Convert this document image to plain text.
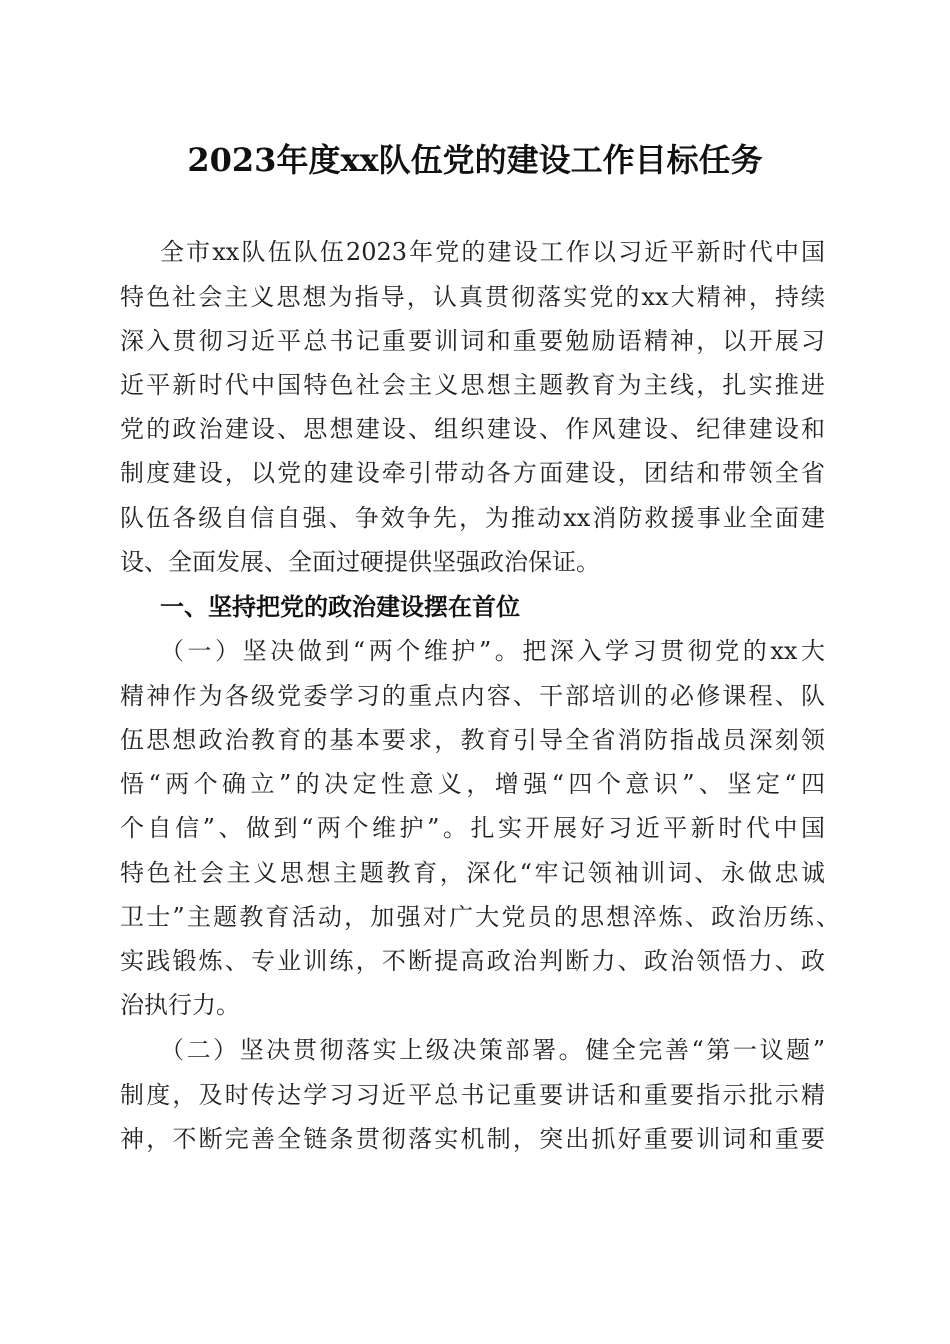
2023年度xx队伍党的建设工作目标任务
全市xx队伍队伍2023年党的建设工作以习近平新时代中国
特色社会主义思想为指导，认真贯彻落实党的xx大精神，持续
深入贯彻习近平总书记重要训词和重要勉励语精神，以开展习
近平新时代中国特色社会主义思想主题教育为主线，扎实推进
党的政治建设、思想建设、组织建设、作风建设、纪律建设和
制度建设，以党的建设牵引带动各方面建设，团结和带领全省
队伍各级自信自强、争效争先，为推动xx消防救援事业全面建
设、全面发展、全面过硬提供坚强政治保证。
一、坚持把党的政治建设摆在首位
（一）坚决做到“两个维护”。把深入学习贯彻党的xx大
精神作为各级党委学习的重点内容、干部培训的必修课程、队
伍思想政治教育的基本要求，教育引导全省消防指战员深刻领
悟“两个确立”的决定性意义，增强“四个意识”、坚定“四
个自信”、做到“两个维护”。扎实开展好习近平新时代中国
特色社会主义思想主题教育，深化“牢记领袖训词、永做忠诚
卫士”主题教育活动，加强对广大党员的思想淬炼、政治历练、
实践锻炼、专业训练，不断提高政治判断力、政治领悟力、政
治执行力。
（二）坚决贯彻落实上级决策部署。健全完善“第一议题”
制度，及时传达学习习近平总书记重要讲话和重要指示批示精
神，不断完善全链条贯彻落实机制，突出抓好重要训词和重要
